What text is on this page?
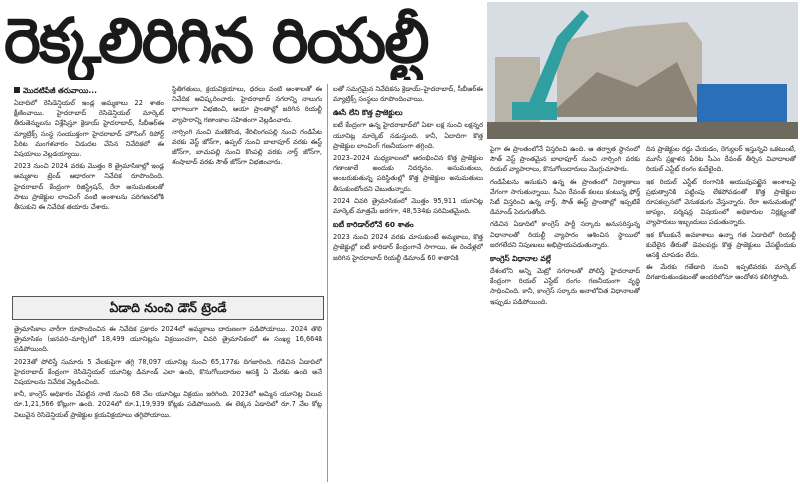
రెక్కలిరిగిన రియల్టీ
మొదటిపేజీ తరువాయి...

ఏదాదిలో రెసిడెన్షియల్ ఇండ్ల అమ్మకాలు 22 శాతం క్షీణించాయి. హైదరాబాద్ రెసిడెన్షియల్ మార్కెట్ తీరుతెన్నులను విశ్లేషిస్తూ క్రెడాయ్ హైదరాబాద్, సీబీఆర్ఈ మ్యాట్రిక్స్ సంస్థ సంయుక్తంగా హైదరాబాద్ హౌసింగ్ రిపోర్ట్ పేరిట మంగళవారం విడుదల చేసిన నివేదికలో ఈ విషయాలు వెల్లడయ్యాయి.

2023 నుంచి 2024 వరకు మొత్తం 8 త్రైమాసికాల్లో ఇండ్ల అమ్మకాల ట్రెండ్ ఆధారంగా నివేదిక రూపొందింది. హైదరాబాద్ కేంద్రంగా రిజిస్ట్రేషన్, రేరా అనుమతులతో పాటు ప్రాజెక్టుల లాంచింగ్ వంటి అంశాలను పరిగణనలోకి తీసుకుని ఈ నివేదిక తయారు చేశారు.

స్థితిగతులు, క్రయవిక్రయాలు, ధరలు వంటి అంశాలతో ఈ నివేదిక ఆవిష్కరించారు. హైదరాబాద్ నగరాన్ని నాలుగు భాగాలుగా విభజించి, ఆయా ప్రాంతాల్లో జరిగిన రియల్టీ వ్యాపారాన్ని గణాంకాల సహితంగా వెల్లడించారు.

నార్సింగి నుంచి మణికొండ, శేరిలింగంపల్లి నుంచి గండిపేట వరకు వెస్ట్ జోన్‌గా, ఉప్పల్ నుంచి బాలాపూర్ వరకు ఈస్ట్ జోన్‌గా, బాచుపల్లి నుంచి కొంపల్లి వరకు నార్త్ జోన్‌గా, శంషాబాద్ వరకు సౌత్ జోన్‌గా విభజించారు.

ఏడాది నుంచి డౌన్ ట్రెండే

త్రైమాసికాల వారీగా రూపొందించిన ఈ నివేదిక ప్రకారం 2024లో అమ్మకాలు దారుణంగా పడిపోయాయి. 2024 తొలి త్రైమాసికం (జనవరి–మార్చి)లో 18,499 యూనిట్లను విక్రయించగా, చివరి త్రైమాసికంలో ఈ సంఖ్య 16,664కి పడిపోయింది.

2023తో పోలిస్తే సుమారు 5 వేలకుపైగా తగ్గి 78,097 యూనిట్ల నుంచి 65,177కు దిగజారింది. గడిచిన ఏడాదిలో హైదరాబాద్ కేంద్రంగా రెసిడెన్షియల్ యూనిట్ల డిమాండ్ ఎలా ఉంది, కొనుగోలుదారుల ఆసక్తి ఏ మేరకు ఉంది అనే విషయాలను నివేదిక వెల్లడించింది.

కానీ, కాంగ్రెస్ అధికారం చేపట్టిన నాటి నుంచి 68 వేల యూనిట్లు విక్రయం జరిగింది. 2023లో అమ్మిన యూనిట్ల విలువ రూ.1,21,566 కోట్లుగా ఉంది. 2024లో రూ.1,19,939 కోట్లకు పడిపోయింది. ఈ లెక్కన ఏడాదిలో రూ.7 వేల కోట్ల విలువైన రెసిడెన్షియల్ ప్రాజెక్టుల క్రయవిక్రయాలు తగ్గిపోయాయి.

లతో సమగ్రమైన నివేదికను క్రెడాయ్–హైదరాబాద్, సీబీఆర్ఈ మ్యాట్రిక్స్ సంస్థలు రూపొందించాయి.

ఊసే లేని కొత్త ప్రాజెక్టులు

ఐటీ కేంద్రంగా ఉన్న హైదరాబాద్‌లో ఏటా లక్ష నుంచి లక్షన్నర యూనిట్ల మార్కెట్ నడుస్తుంది. కానీ, ఏదాదిగా కొత్త ప్రాజెక్టుల లాంచింగ్ గణనీయంగా తగ్గింది.

2023–2024 మధ్యకాలంలో ఆరంభించిన కొత్త ప్రాజెక్టుల గణాంకాలే అందుకు నిదర్శనం. అనుమతులు, అంబరుకుతున్న పరిస్థితుల్లో కొత్త ప్రాజెక్టుల అనుమతులు తీసుకుంటోందని చెబుతున్నారు.

2024 చివరి త్రైమాసికంలో మొత్తం 95,911 యూనిట్ల మార్కెట్ మాత్రమే జరగగా, 48,534కు పరిమితమైంది.

ఐటీ కారిడార్‌లోనే 60 శాతం

2023 నుంచి 2024 వరకు చూసుకుంటే అమ్మకాలు, కొత్త ప్రాజెక్టుల్లో ఐటీ కారిడార్ కేంద్రంగానే సాగాయి. ఈ రెండేళ్లలో జరిగిన హైదరాబాద్ రియల్టీ డిమాండ్ 60 శాతానికి

పైగా ఈ ప్రాంతంలోనే విస్తరించి ఉంది. ఆ తర్వాత స్థానంలో సౌత్ వెస్ట్ ప్రాంతమైన బాలాపూర్ నుంచి నార్సింగి వరకు రియల్ వ్యాపారాలు, కొనుగోలుదారులు మొగ్గుచూపారు.

గండిపేటను ఆనుకుని ఉన్న ఈ ప్రాంతంలో నిర్మాణాలు వేగంగా సాగుతున్నాయి. సీఎం రేవంత్ కలలు కంటున్న ఫోర్త్ సిటీ విస్తరించి ఉన్న నార్త్, సౌత్ ఈస్ట్ ప్రాంతాల్లో ఇప్పటికే డిమాండ్ పెరుగుతోంది.

గడిచిన ఏడాదిలో కాంగ్రెస్ పార్టీ సర్కారు అనుసరిస్తున్న విధానాలతో రియల్టీ వ్యాపారం ఆశించిన స్థాయిలో జరగలేదని నిపుణులు అభిప్రాయపడుతున్నారు.

కాంగ్రెస్ విధానాల వల్లే

దేశంలోని అన్ని మెట్రో నగరాలతో పోలిస్తే హైదరాబాద్ కేంద్రంగా రియల్ ఎస్టేట్ రంగం గణనీయంగా వృద్ధి సాధించింది. కానీ, కాంగ్రెస్ సర్కారు అనాలోచిత విధానాలతో ఇప్పుడు పడిపోయింది.

దిన ప్రాజెక్టుల రద్దు చేయడం, రెగ్యులర్ ఇస్తున్నవి ఒకటుంటే, మూసీ ప్రక్షాళన పేరిట సీఎం రేవంత్ తీర్చిన వివాదాలతో రియల్ ఎస్టేట్ రంగం కుదేలైంది.

ఇక రియల్ ఎస్టేట్ రంగానికి ఆయువుపట్టైన అంశాలపై ప్రభుత్వానికి పట్టింపు లేకపోవడంతో కొత్త ప్రాజెక్టుల రూపకల్పనలో వెనుకడుగు వేస్తున్నారు. రేరా అనుమతుల్లో జాప్యం, పర్మిషన్ల విషయంలో అధికారుల నిర్లక్ష్యంతో వ్యాపారులు ఇబ్బందులు పడుతున్నారు.

ఇక కోలుకునే అవకాశాలు ఉన్నా గత ఏడాదిలో రియల్టీ కుదేలైన తీరుతో డెవలపర్లు కొత్త ప్రాజెక్టులు చేపట్టేందుకు ఆసక్తి చూపడం లేదు.

ఈ మేరకు గతేడాది నుంచి ఇప్పటివరకు మార్కెట్ దిగజారుతుండటంతో అందరిలోనూ ఆందోళన కలిగిస్తోంది.
